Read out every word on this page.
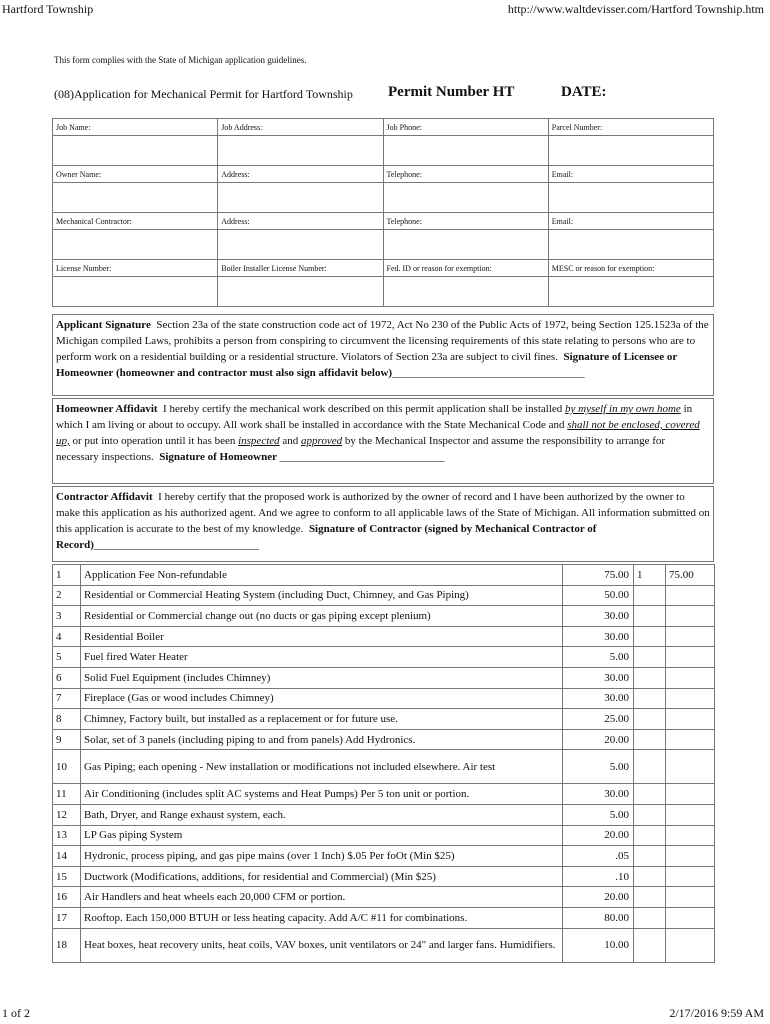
Hartford Township	http://www.waltdevisser.com/Hartford Township.htm
This form complies with the State of Michigan application guidelines.
(08)Application for Mechanical Permit for Hartford Township Permit Number HT	DATE:
Job Name:	Job Address:	Job Phone:	Parcel Number:

Owner Name:	Address:	Telephone:	Email:

Mechanical Contractor:	Address:	Telephone:	Email:

License Number:	Boiler Installer License Number:	Fed. ID or reason for exemption:	MESC or reason for exemption:

Applicant Signature Section 23a of the state construction code act of 1972, Act No 230 of the Public Acts of 1972, being Section 125.1523a of the Michigan compiled Laws, prohibits a person from conspiring to circumvent the licensing requirements of this state relating to persons who are to perform work on a residential building or a residential structure. Violators of Section 23a are subject to civil fines. Signature of Licensee or Homeowner (homeowner and contractor must also sign affidavit below)___________________________________
Homeowner Affidavit I hereby certify the mechanical work described on this permit application shall be installed by myself in my own home in which I am living or about to occupy. All work shall be installed in accordance with the State Mechanical Code and shall not be enclosed, covered up, or put into operation until it has been inspected and approved by the Mechanical Inspector and assume the responsibility to arrange for necessary inspections. Signature of Homeowner ______________________________
Contractor Affidavit I hereby certify that the proposed work is authorized by the owner of record and I have been authorized by the owner to make this application as his authorized agent. And we agree to conform to all applicable laws of the State of Michigan. All information submitted on this application is accurate to the best of my knowledge. Signature of Contractor (signed by Mechanical Contractor of Record)______________________________
1	Application Fee Non-refundable	75.00	1	75.00
2	Residential or Commercial Heating System (including Duct, Chimney, and Gas Piping)	50.00		
3	Residential or Commercial change out (no ducts or gas piping except plenium)	30.00		
4	Residential Boiler	30.00		
5	Fuel fired Water Heater	5.00		
6	Solid Fuel Equipment (includes Chimney)	30.00		
7	Fireplace (Gas or wood includes Chimney)	30.00		
8	Chimney, Factory built, but installed as a replacement or for future use.	25.00		
9	Solar, set of 3 panels (including piping to and from panels) Add Hydronics.	20.00		
10	Gas Piping; each opening - New installation or modifications not included elsewhere. Air test	5.00		
11	Air Conditioning (includes split AC systems and Heat Pumps) Per 5 ton unit or portion.	30.00		
12	Bath, Dryer, and Range exhaust system, each.	5.00		
13	LP Gas piping System	20.00		
14	Hydronic, process piping, and gas pipe mains (over 1 Inch) $.05 Per foOt (Min $25)	.05		
15	Ductwork (Modifications, additions, for residential and Commercial) (Min $25)	.10		
16	Air Handlers and heat wheels each 20,000 CFM or portion.	20.00		
17	Rooftop. Each 150,000 BTUH or less heating capacity. Add A/C #11 for combinations.	80.00		
18	Heat boxes, heat recovery units, heat coils, VAV boxes, unit ventilators or 24" and larger fans. Humidifiers.	10.00		
1 of 2	2/17/2016 9:59 AM
